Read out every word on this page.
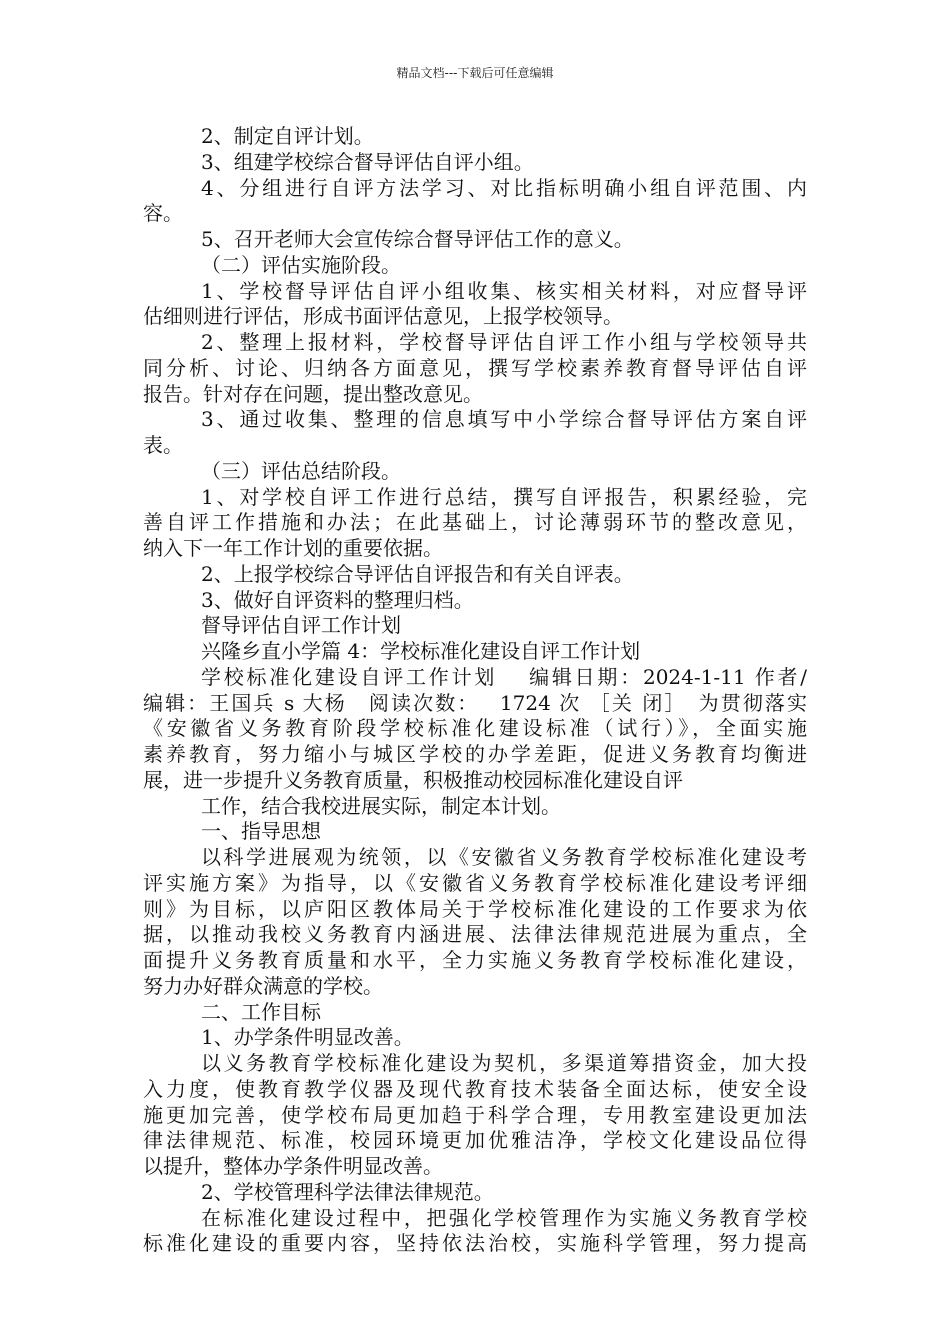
精品文档---下载后可任意编辑

2、制定自评计划。

3、组建学校综合督导评估自评小组。

4、分组进行自评方法学习、对比指标明确小组自评范围、内

容。

5、召开老师大会宣传综合督导评估工作的意义。

（二）评估实施阶段。

1、学校督导评估自评小组收集、核实相关材料，对应督导评

估细则进行评估，形成书面评估意见，上报学校领导。

2、整理上报材料，学校督导评估自评工作小组与学校领导共

同分析、讨论、归纳各方面意见，撰写学校素养教育督导评估自评

报告。针对存在问题，提出整改意见。

3、通过收集、整理的信息填写中小学综合督导评估方案自评

表。

（三）评估总结阶段。

1、对学校自评工作进行总结，撰写自评报告，积累经验，完

善自评工作措施和办法；在此基础上，讨论薄弱环节的整改意见，

纳入下一年工作计划的重要依据。

2、上报学校综合导评估自评报告和有关自评表。

3、做好自评资料的整理归档。

督导评估自评工作计划

兴隆乡直小学篇 4：学校标准化建设自评工作计划

学校标准化建设自评工作计划　 编辑日期：2024-1-11 作者/

编辑：王国兵 s 大杨　阅读次数：　 1724 次 ［关 闭］　为贯彻落实

《安徽省义务教育阶段学校标准化建设标准（试行）》，全面实施

素养教育，努力缩小与城区学校的办学差距，促进义务教育均衡进

展，进一步提升义务教育质量，积极推动校园标准化建设自评

工作，结合我校进展实际，制定本计划。

一、指导思想

以科学进展观为统领，以《安徽省义务教育学校标准化建设考

评实施方案》为指导，以《安徽省义务教育学校标准化建设考评细

则》为目标，以庐阳区教体局关于学校标准化建设的工作要求为依

据，以推动我校义务教育内涵进展、法律法律规范进展为重点，全

面提升义务教育质量和水平，全力实施义务教育学校标准化建设，

努力办好群众满意的学校。

二、工作目标

1、办学条件明显改善。

以义务教育学校标准化建设为契机，多渠道筹措资金，加大投

入力度，使教育教学仪器及现代教育技术装备全面达标，使安全设

施更加完善，使学校布局更加趋于科学合理，专用教室建设更加法

律法律规范、标准，校园环境更加优雅洁净，学校文化建设品位得

以提升，整体办学条件明显改善。

2、学校管理科学法律法律规范。

在标准化建设过程中，把强化学校管理作为实施义务教育学校

标准化建设的重要内容，坚持依法治校，实施科学管理，努力提高
